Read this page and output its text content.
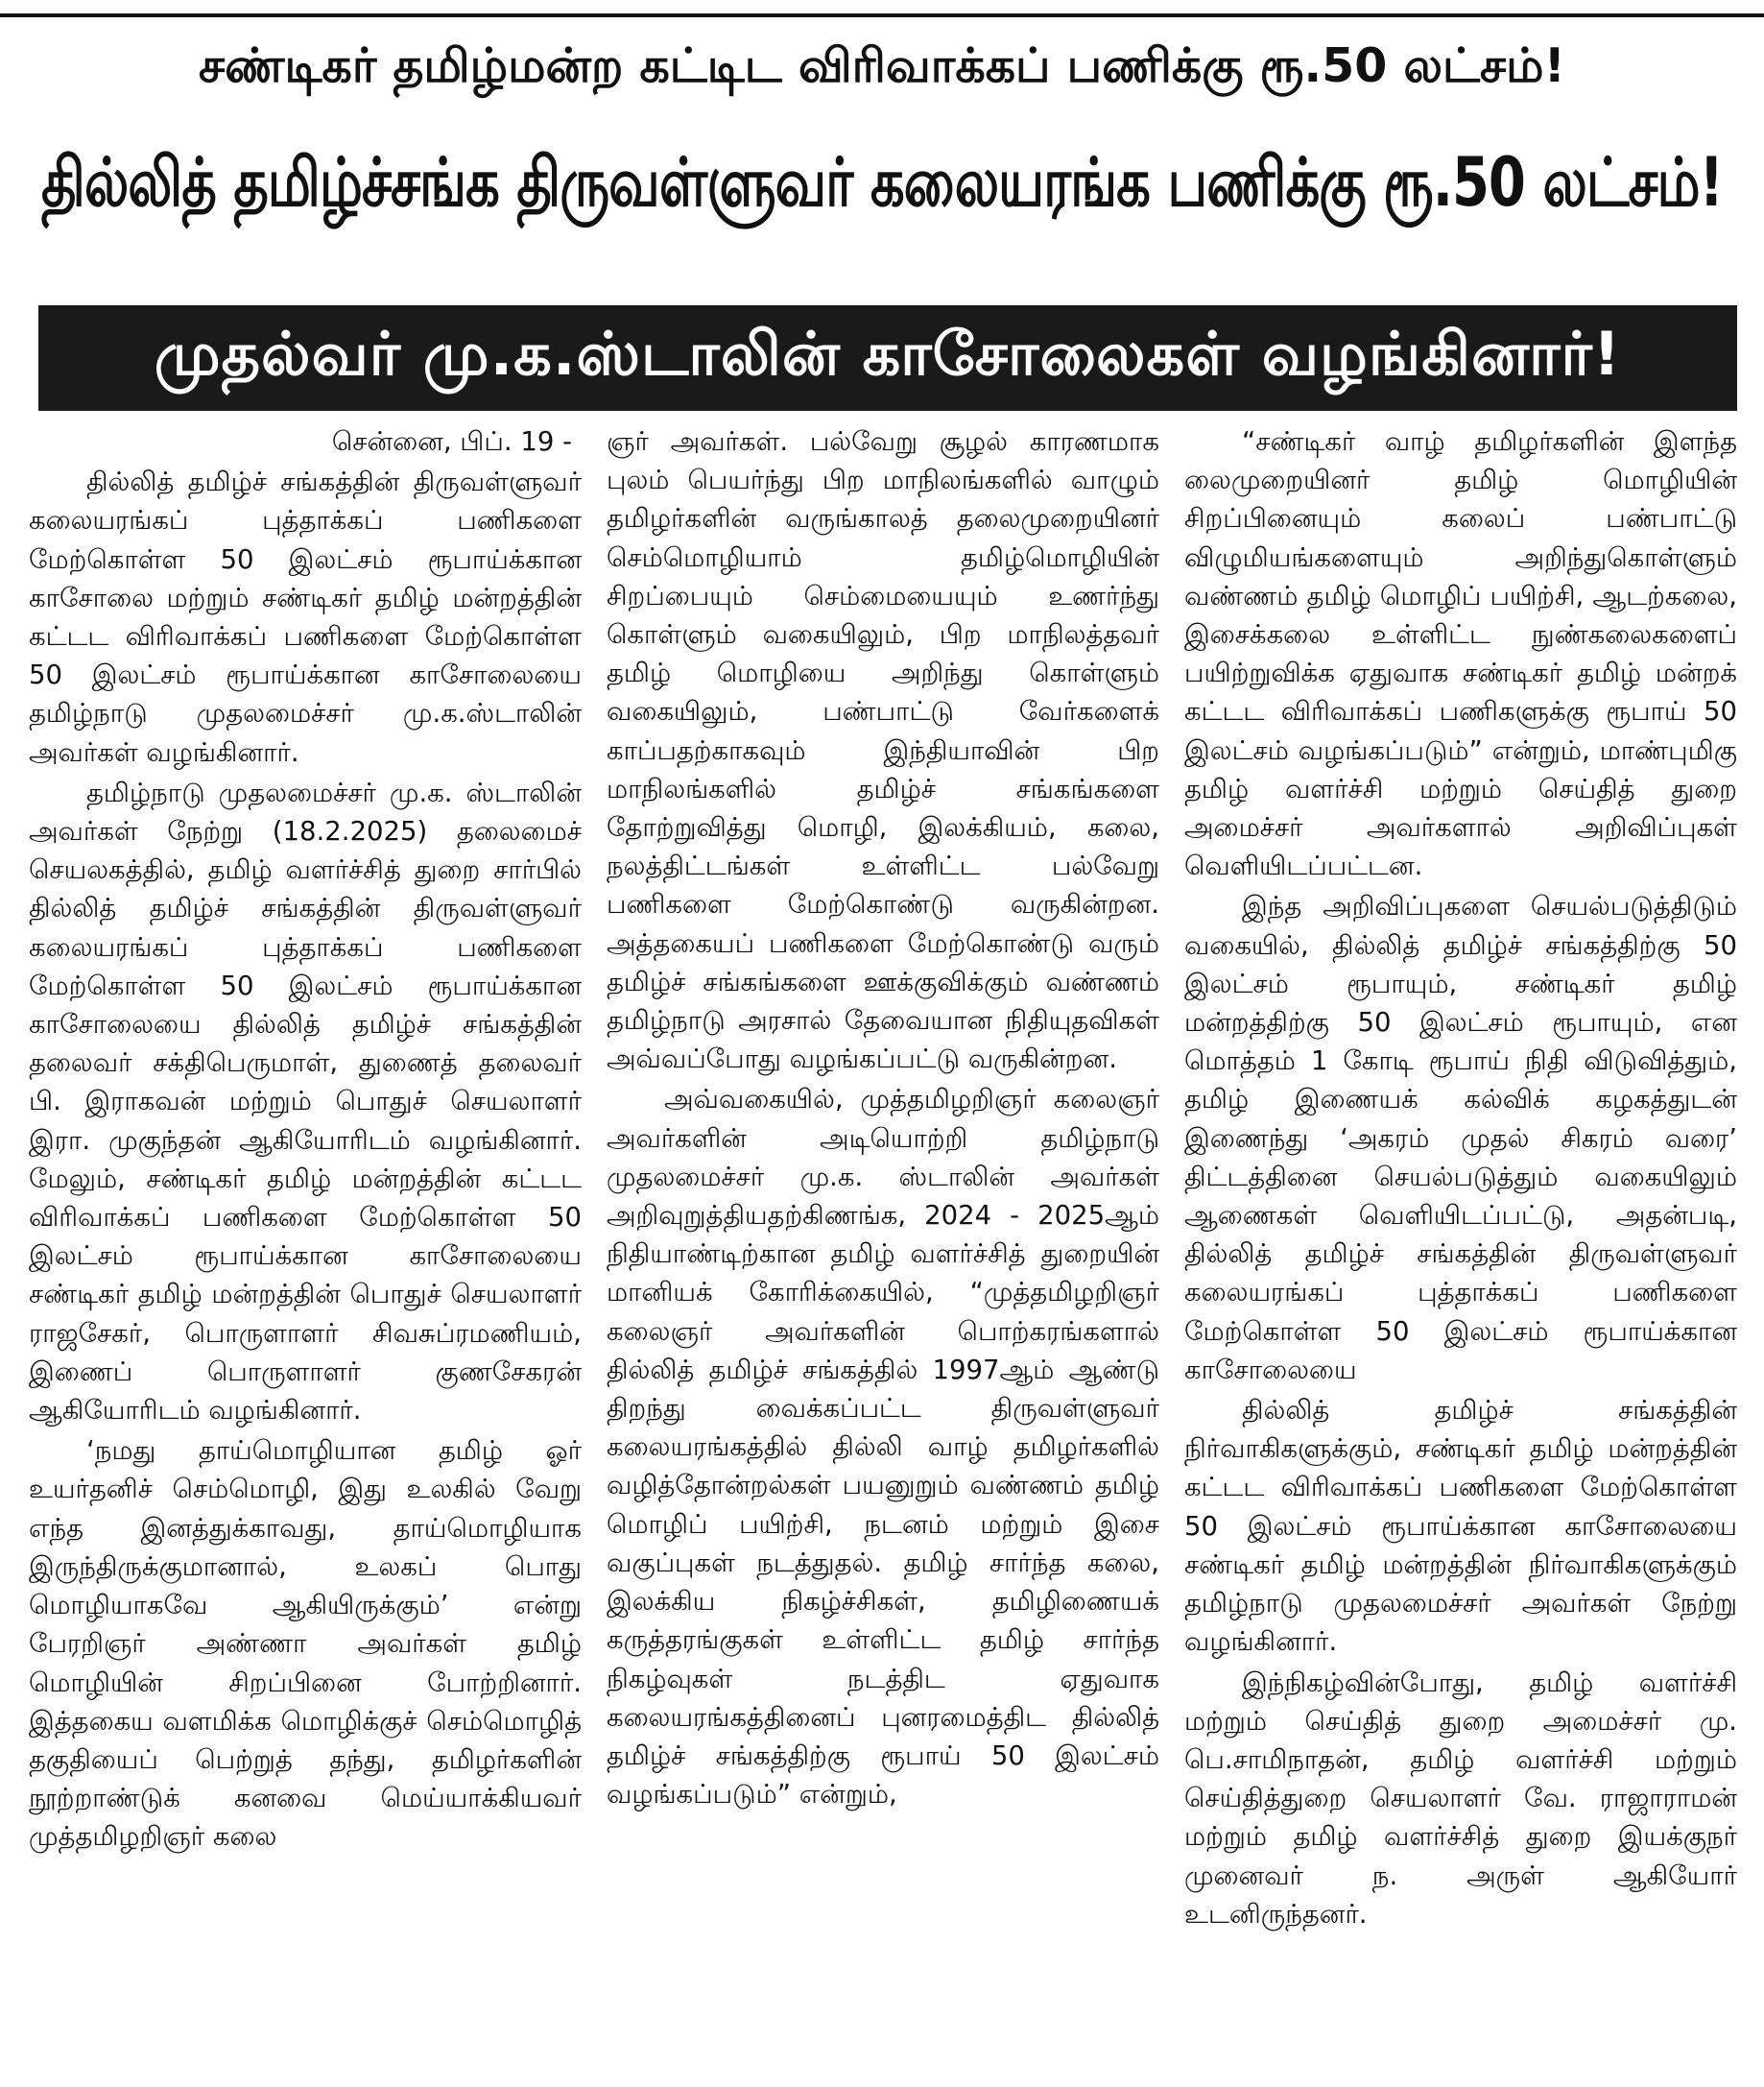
சண்டிகர் தமிழ்மன்ற கட்டிட விரிவாக்கப் பணிக்கு ரூ.50 லட்சம்!
தில்லித் தமிழ்ச்சங்க திருவள்ளுவர் கலையரங்க பணிக்கு ரூ.50 லட்சம்!
முதல்வர் மு.க.ஸ்டாலின் காசோலைகள் வழங்கினார்!

சென்னை, பிப். 19 -

தில்லித் தமிழ்ச் சங்கத்தின் திருவள்ளுவர் கலையரங்கப் புத்தாக்கப் பணிகளை மேற்கொள்ள 50 இலட்சம் ரூபாய்க்கான காசோலை மற்றும் சண்டிகர் தமிழ் மன்றத்தின் கட்டட விரிவாக்கப் பணிகளை மேற்கொள்ள 50 இலட்சம் ரூபாய்க்கான காசோலையை தமிழ்நாடு முதலமைச்சர் மு.க.ஸ்டாலின் அவர்கள் வழங்கினார்.

தமிழ்நாடு முதலமைச்சர் மு.க. ஸ்டாலின் அவர்கள் நேற்று (18.2.2025) தலைமைச் செயலகத்தில், தமிழ் வளர்ச்சித் துறை சார்பில் தில்லித் தமிழ்ச் சங்கத்தின் திருவள்ளுவர் கலையரங்கப் புத்தாக்கப் பணிகளை மேற்கொள்ள 50 இலட்சம் ரூபாய்க்கான காசோலையை தில்லித் தமிழ்ச் சங்கத்தின் தலைவர் சக்திபெருமாள், துணைத் தலைவர் பி. இராகவன் மற்றும் பொதுச் செயலாளர் இரா. முகுந்தன் ஆகியோரிடம் வழங்கினார். மேலும், சண்டிகர் தமிழ் மன்றத்தின் கட்டட விரிவாக்கப் பணிகளை மேற்கொள்ள 50 இலட்சம் ரூபாய்க்கான காசோலையை சண்டிகர் தமிழ் மன்றத்தின் பொதுச் செயலாளர் ராஜசேகர், பொருளாளர் சிவசுப்ரமணியம், இணைப் பொருளாளர் குணசேகரன் ஆகியோரிடம் வழங்கினார்.

‘நமது தாய்மொழியான தமிழ் ஓர் உயர்தனிச் செம்மொழி, இது உலகில் வேறு எந்த இனத்துக்காவது, தாய்மொழியாக இருந்திருக்குமானால், உலகப் பொது மொழியாகவே ஆகியிருக்கும்’ என்று பேரறிஞர் அண்ணா அவர்கள் தமிழ் மொழியின் சிறப்பினை போற்றினார். இத்தகைய வளமிக்க மொழிக்குச் செம்மொழித் தகுதியைப் பெற்றுத் தந்து, தமிழர்களின் நூற்றாண்டுக் கனவை மெய்யாக்கியவர் முத்தமிழறிஞர் கலை

ஞர் அவர்கள். பல்வேறு சூழல் காரணமாக புலம் பெயர்ந்து பிற மாநிலங்களில் வாழும் தமிழர்களின் வருங்காலத் தலைமுறையினர் செம்மொழியாம் தமிழ்மொழியின் சிறப்பையும் செம்மையையும் உணர்ந்து கொள்ளும் வகையிலும், பிற மாநிலத்தவர் தமிழ் மொழியை அறிந்து கொள்ளும் வகையிலும், பண்பாட்டு வேர்களைக் காப்பதற்காகவும் இந்தியாவின் பிற மாநிலங்களில் தமிழ்ச் சங்கங்களை தோற்றுவித்து மொழி, இலக்கியம், கலை, நலத்திட்டங்கள் உள்ளிட்ட பல்வேறு பணிகளை மேற்கொண்டு வருகின்றன. அத்தகையப் பணிகளை மேற்கொண்டு வரும் தமிழ்ச் சங்கங்களை ஊக்குவிக்கும் வண்ணம் தமிழ்நாடு அரசால் தேவையான நிதியுதவிகள் அவ்வப்போது வழங்கப்பட்டு வருகின்றன.

அவ்வகையில், முத்தமிழறிஞர் கலைஞர் அவர்களின் அடியொற்றி தமிழ்நாடு முதலமைச்சர் மு.க. ஸ்டாலின் அவர்கள் அறிவுறுத்தியதற்கிணங்க, 2024 - 2025ஆம் நிதியாண்டிற்கான தமிழ் வளர்ச்சித் துறையின் மானியக் கோரிக்கையில், “முத்தமிழறிஞர் கலைஞர் அவர்களின் பொற்கரங்களால் தில்லித் தமிழ்ச் சங்கத்தில் 1997ஆம் ஆண்டு திறந்து வைக்கப்பட்ட திருவள்ளுவர் கலையரங்கத்தில் தில்லி வாழ் தமிழர்களில் வழித்தோன்றல்கள் பயனுறும் வண்ணம் தமிழ் மொழிப் பயிற்சி, நடனம் மற்றும் இசை வகுப்புகள் நடத்துதல். தமிழ் சார்ந்த கலை, இலக்கிய நிகழ்ச்சிகள், தமிழிணையக் கருத்தரங்குகள் உள்ளிட்ட தமிழ் சார்ந்த நிகழ்வுகள் நடத்திட ஏதுவாக கலையரங்கத்தினைப் புனரமைத்திட தில்லித் தமிழ்ச் சங்கத்திற்கு ரூபாய் 50 இலட்சம் வழங்கப்படும்” என்றும்,

“சண்டிகர் வாழ் தமிழர்களின் இளந்த லைமுறையினர் தமிழ் மொழியின் சிறப்பினையும் கலைப் பண்பாட்டு விழுமியங்களையும் அறிந்துகொள்ளும் வண்ணம் தமிழ் மொழிப் பயிற்சி, ஆடற்கலை, இசைக்கலை உள்ளிட்ட நுண்கலைகளைப் பயிற்றுவிக்க ஏதுவாக சண்டிகர் தமிழ் மன்றக் கட்டட விரிவாக்கப் பணிகளுக்கு ரூபாய் 50 இலட்சம் வழங்கப்படும்” என்றும், மாண்புமிகு தமிழ் வளர்ச்சி மற்றும் செய்தித் துறை அமைச்சர் அவர்களால் அறிவிப்புகள் வெளியிடப்பட்டன.

இந்த அறிவிப்புகளை செயல்படுத்திடும் வகையில், தில்லித் தமிழ்ச் சங்கத்திற்கு 50 இலட்சம் ரூபாயும், சண்டிகர் தமிழ் மன்றத்திற்கு 50 இலட்சம் ரூபாயும், என மொத்தம் 1 கோடி ரூபாய் நிதி விடுவித்தும், தமிழ் இணையக் கல்விக் கழகத்துடன் இணைந்து ‘அகரம் முதல் சிகரம் வரை’ திட்டத்தினை செயல்படுத்தும் வகையிலும் ஆணைகள் வெளியிடப்பட்டு, அதன்படி, தில்லித் தமிழ்ச் சங்கத்தின் திருவள்ளுவர் கலையரங்கப் புத்தாக்கப் பணிகளை மேற்கொள்ள 50 இலட்சம் ரூபாய்க்கான காசோலையை

தில்லித் தமிழ்ச் சங்கத்தின் நிர்வாகிகளுக்கும், சண்டிகர் தமிழ் மன்றத்தின் கட்டட விரிவாக்கப் பணிகளை மேற்கொள்ள 50 இலட்சம் ரூபாய்க்கான காசோலையை சண்டிகர் தமிழ் மன்றத்தின் நிர்வாகிகளுக்கும் தமிழ்நாடு முதலமைச்சர் அவர்கள் நேற்று வழங்கினார்.

இந்நிகழ்வின்போது, தமிழ் வளர்ச்சி மற்றும் செய்தித் துறை அமைச்சர் மு. பெ.சாமிநாதன், தமிழ் வளர்ச்சி மற்றும் செய்தித்துறை செயலாளர் வே. ராஜாராமன் மற்றும் தமிழ் வளர்ச்சித் துறை இயக்குநர் முனைவர் ந. அருள் ஆகியோர் உடனிருந்தனர்.
